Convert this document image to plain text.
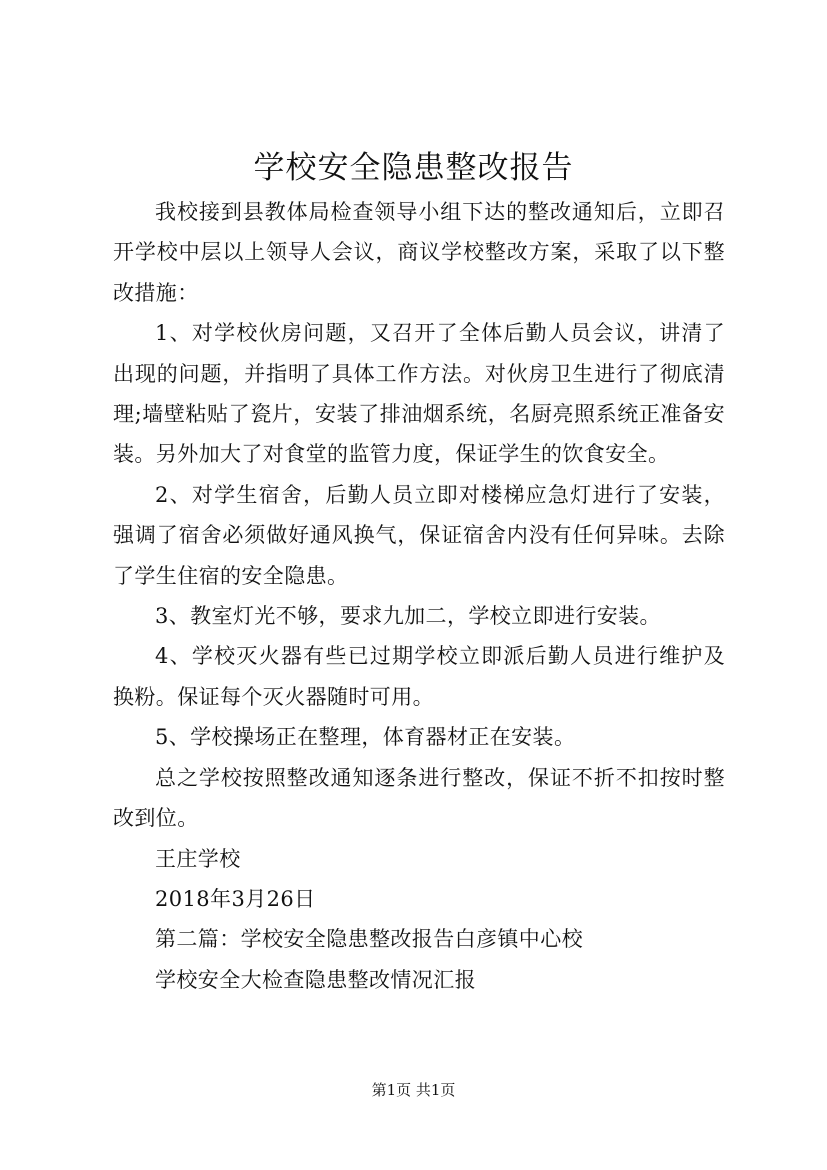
学校安全隐患整改报告

我校接到县教体局检查领导小组下达的整改通知后，立即召开学校中层以上领导人会议，商议学校整改方案，采取了以下整改措施：

1、对学校伙房问题，又召开了全体后勤人员会议，讲清了出现的问题，并指明了具体工作方法。对伙房卫生进行了彻底清理;墙壁粘贴了瓷片，安装了排油烟系统，名厨亮照系统正准备安装。另外加大了对食堂的监管力度，保证学生的饮食安全。

2、对学生宿舍，后勤人员立即对楼梯应急灯进行了安装，强调了宿舍必须做好通风换气，保证宿舍内没有任何异味。去除了学生住宿的安全隐患。

3、教室灯光不够，要求九加二，学校立即进行安装。

4、学校灭火器有些已过期学校立即派后勤人员进行维护及换粉。保证每个灭火器随时可用。

5、学校操场正在整理，体育器材正在安装。

总之学校按照整改通知逐条进行整改，保证不折不扣按时整改到位。

王庄学校

2018年3月26日

第二篇：学校安全隐患整改报告白彦镇中心校

学校安全大检查隐患整改情况汇报

第1页 共1页
